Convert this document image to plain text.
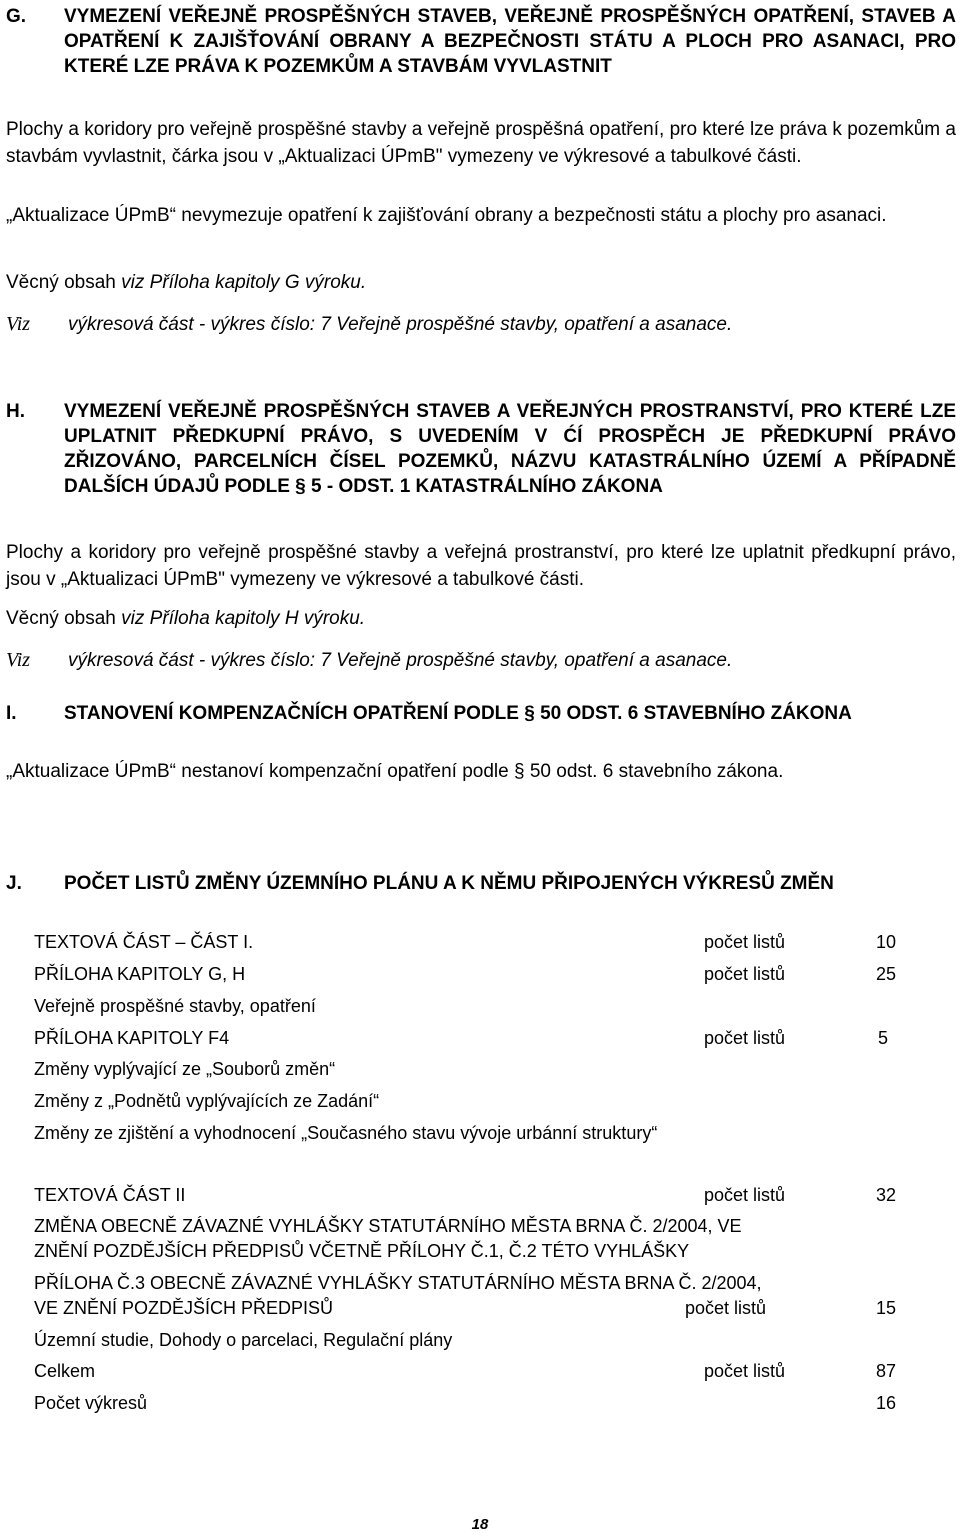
G.	VYMEZENÍ VEŘEJNĚ PROSPĚŠNÝCH STAVEB, VEŘEJNĚ PROSPĚŠNÝCH OPATŘENÍ, STAVEB A OPATŘENÍ K ZAJIŠŤOVÁNÍ OBRANY A BEZPEČNOSTI STÁTU A PLOCH PRO ASANACI, PRO KTERÉ LZE PRÁVA K POZEMKŮM A STAVBÁM VYVLASTNIT
Plochy a koridory pro veřejně prospěšné stavby a veřejně prospěšná opatření, pro které lze práva k pozemkům a stavbám vyvlastnit, čárka jsou v „Aktualizaci ÚPmB" vymezeny ve výkresové a tabulkové části.
„Aktualizace ÚPmB“ nevymezuje opatření k zajišťování obrany a bezpečnosti státu a plochy pro asanaci.
Věcný obsah viz Příloha kapitoly G výroku.
Viz výkresová část - výkres číslo: 7 Veřejně prospěšné stavby, opatření a asanace.
H.	VYMEZENÍ VEŘEJNĚ PROSPĚŠNÝCH STAVEB A VEŘEJNÝCH PROSTRANSTVÍ, PRO KTERÉ LZE UPLATNIT PŘEDKUPNÍ PRÁVO, S UVEDENÍM V ĆÍ PROSPĚCH JE PŘEDKUPNÍ PRÁVO ZŘIZOVÁNO, PARCELNÍCH ČÍSEL POZEMKŮ, NÁZVU KATASTRÁLNÍHO ÚZEMÍ A PŘÍPADNĚ DALŠÍCH ÚDAJŮ PODLE § 5 - ODST. 1 KATASTRÁLNÍHO ZÁKONA
Plochy a koridory pro veřejně prospěšné stavby a veřejná prostranství, pro které lze uplatnit předkupní právo, jsou v „Aktualizaci ÚPmB" vymezeny ve výkresové a tabulkové části.
Věcný obsah viz Příloha kapitoly H výroku.
Viz výkresová část - výkres číslo: 7 Veřejně prospěšné stavby, opatření a asanace.
I.	STANOVENÍ KOMPENZAČNÍCH OPATŘENÍ PODLE § 50 ODST. 6 STAVEBNÍHO ZÁKONA
„Aktualizace ÚPmB“ nestanoví kompenzační opatření podle § 50 odst. 6 stavebního zákona.
J.	POČET LISTŮ ZMĚNY ÚZEMNÍHO PLÁNU A K NĚMU PŘIPOJENÝCH VÝKRESŮ ZMĚN
TEXTOVÁ ČÁST – ČÁST I.	počet listů	10
PŘÍLOHA KAPITOLY G, H	počet listů	25
Veřejně prospěšné stavby, opatření
PŘÍLOHA KAPITOLY F4	počet listů	5
Změny vyplývající ze „Souborů změn“
Změny z „Podnětů vyplývajících ze Zadání“
Změny ze zjištění a vyhodnocení „Současného stavu vývoje urbánní struktury“
TEXTOVÁ ČÁST II	počet listů	32
ZMĚNA OBECNĚ ZÁVAZNÉ VYHLÁŠKY STATUTÁRNÍHO MĚSTA BRNA Č. 2/2004, VE
ZNĚNÍ POZDĚJŠÍCH PŘEDPISŮ VČETNĚ PŘÍLOHY Č.1, Č.2 TÉTO VYHLÁŠKY
PŘÍLOHA Č.3 OBECNĚ ZÁVAZNÉ VYHLÁŠKY STATUTÁRNÍHO MĚSTA BRNA Č. 2/2004,
VE ZNĚNÍ POZDĚJŠÍCH PŘEDPISŮ	počet listů	15
Územní studie, Dohody o parcelaci, Regulační plány
Celkem	počet listů	87
Počet výkresů	16
18
